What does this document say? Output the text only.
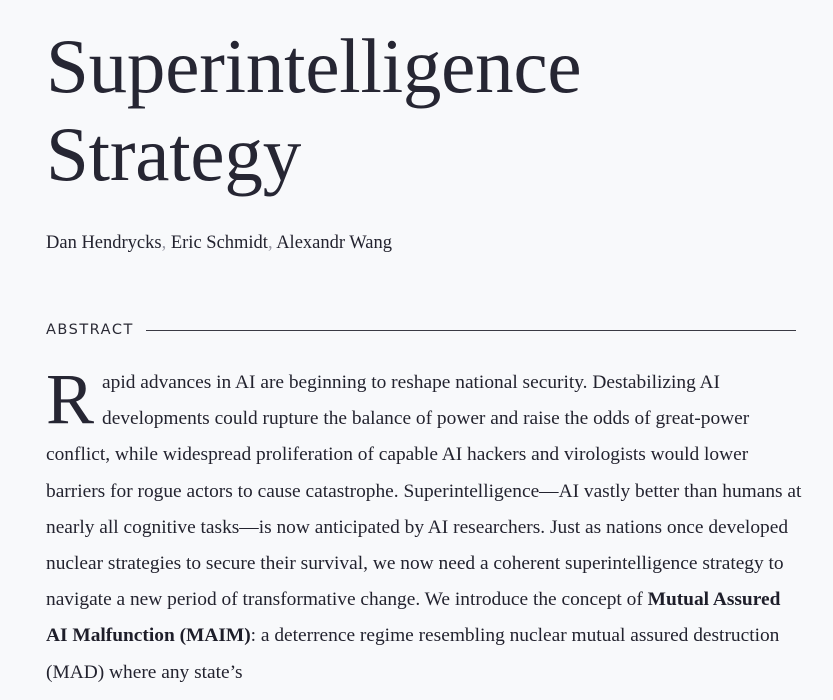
Superintelligence
Strategy
Dan Hendrycks, Eric Schmidt, Alexandr Wang
ABSTRACT
Rapid advances in AI are beginning to reshape national security. Destabilizing AI developments could rupture the balance of power and raise the odds of great-power conflict, while widespread proliferation of capable AI hackers and virologists would lower barriers for rogue actors to cause catastrophe. Superintelligence—AI vastly better than humans at nearly all cognitive tasks—is now anticipated by AI researchers. Just as nations once developed nuclear strategies to secure their survival, we now need a coherent superintelligence strategy to navigate a new period of transformative change. We introduce the concept of Mutual Assured AI Malfunction (MAIM): a deterrence regime resembling nuclear mutual assured destruction (MAD) where any state’s
